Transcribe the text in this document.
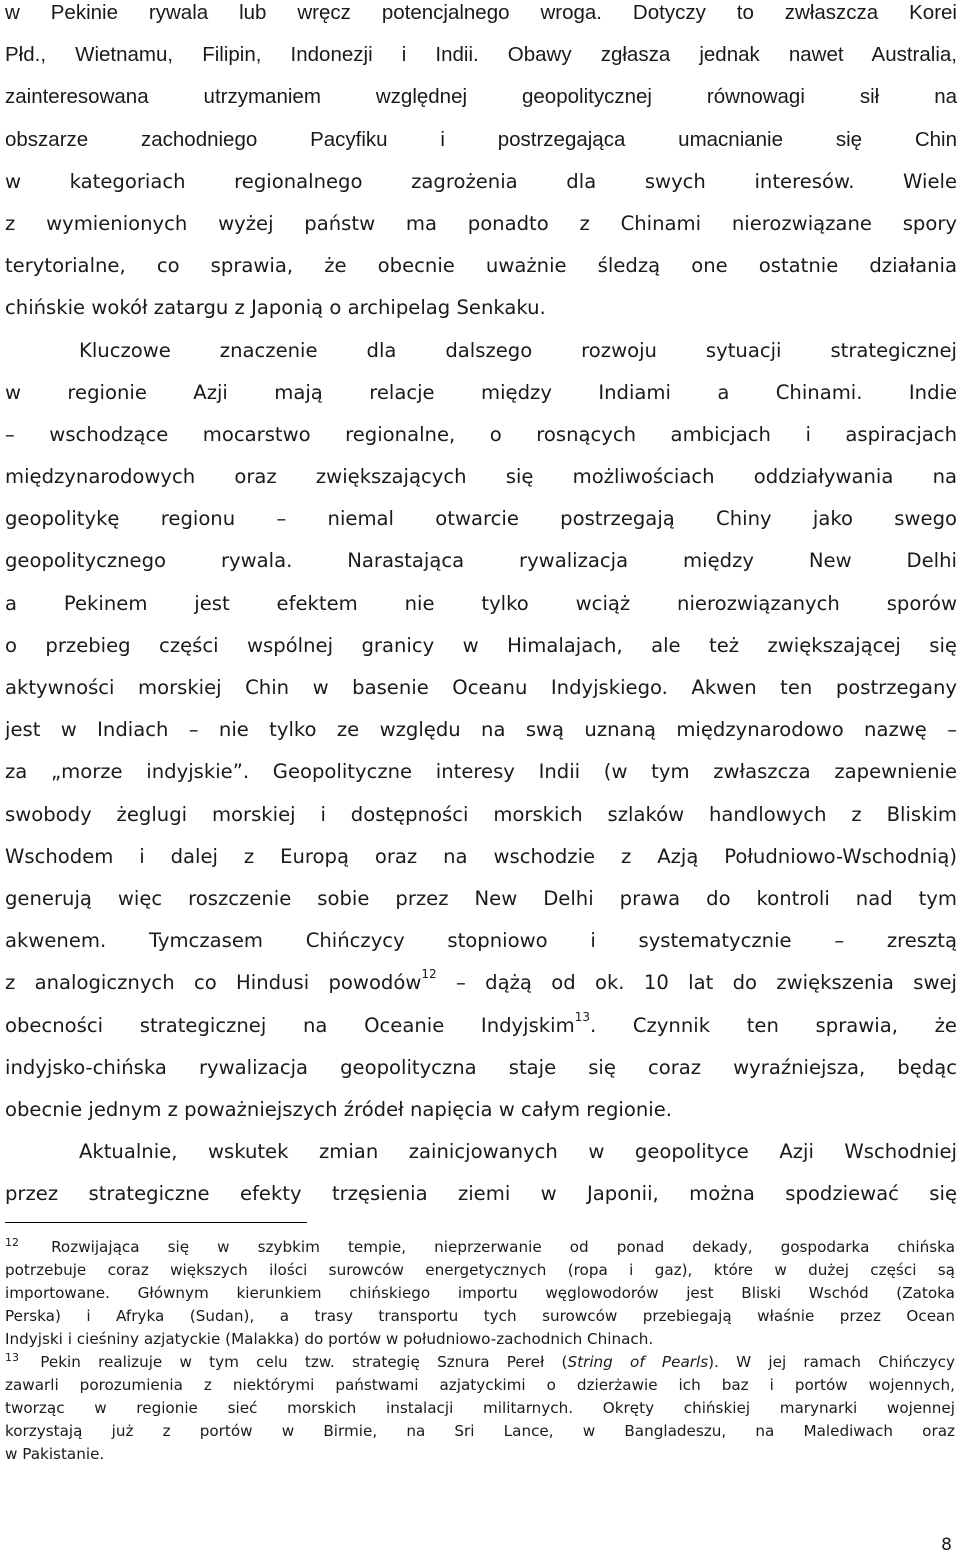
w Pekinie rywala lub wręcz potencjalnego wroga. Dotyczy to zwłaszcza Korei
Płd., Wietnamu, Filipin, Indonezji i Indii. Obawy zgłasza jednak nawet Australia,
zainteresowana utrzymaniem względnej geopolitycznej równowagi sił na
obszarze zachodniego Pacyfiku i postrzegająca umacnianie się Chin
w kategoriach regionalnego zagrożenia dla swych interesów. Wiele
z wymienionych wyżej państw ma ponadto z Chinami nierozwiązane spory
terytorialne, co sprawia, że obecnie uważnie śledzą one ostatnie działania
chińskie wokół zatargu z Japonią o archipelag Senkaku.
Kluczowe znaczenie dla dalszego rozwoju sytuacji strategicznej
w regionie Azji mają relacje między Indiami a Chinami. Indie
– wschodzące mocarstwo regionalne, o rosnących ambicjach i aspiracjach
międzynarodowych oraz zwiększających się możliwościach oddziaływania na
geopolitykę regionu – niemal otwarcie postrzegają Chiny jako swego
geopolitycznego rywala. Narastająca rywalizacja między New Delhi
a Pekinem jest efektem nie tylko wciąż nierozwiązanych sporów
o przebieg części wspólnej granicy w Himalajach, ale też zwiększającej się
aktywności morskiej Chin w basenie Oceanu Indyjskiego. Akwen ten postrzegany
jest w Indiach – nie tylko ze względu na swą uznaną międzynarodowo nazwę –
za „morze indyjskie”. Geopolityczne interesy Indii (w tym zwłaszcza zapewnienie
swobody żeglugi morskiej i dostępności morskich szlaków handlowych z Bliskim
Wschodem i dalej z Europą oraz na wschodzie z Azją Południowo-Wschodnią)
generują więc roszczenie sobie przez New Delhi prawa do kontroli nad tym
akwenem. Tymczasem Chińczycy stopniowo i systematycznie – zresztą
z analogicznych co Hindusi powodów$^{12}$ – dążą od ok. 10 lat do zwiększenia swej
obecności strategicznej na Oceanie Indyjskim$^{13}$. Czynnik ten sprawia, że
indyjsko-chińska rywalizacja geopolityczna staje się coraz wyraźniejsza, będąc
obecnie jednym z poważniejszych źródeł napięcia w całym regionie.
Aktualnie, wskutek zmian zainicjowanych w geopolityce Azji Wschodniej
przez strategiczne efekty trzęsienia ziemi w Japonii, można spodziewać się
$^{12}$ Rozwijająca się w szybkim tempie, nieprzerwanie od ponad dekady, gospodarka chińska
potrzebuje coraz większych ilości surowców energetycznych (ropa i gaz), które w dużej części są
importowane. Głównym kierunkiem chińskiego importu węglowodorów jest Bliski Wschód (Zatoka
Perska) i Afryka (Sudan), a trasy transportu tych surowców przebiegają właśnie przez Ocean
Indyjski i cieśniny azjatyckie (Malakka) do portów w południowo-zachodnich Chinach.
$^{13}$ Pekin realizuje w tym celu tzw. strategię Sznura Pereł (String of Pearls). W jej ramach Chińczycy
zawarli porozumienia z niektórymi państwami azjatyckimi o dzierżawie ich baz i portów wojennych,
tworząc w regionie sieć morskich instalacji militarnych. Okręty chińskiej marynarki wojennej
korzystają już z portów w Birmie, na Sri Lance, w Bangladeszu, na Malediwach oraz
w Pakistanie.
8
